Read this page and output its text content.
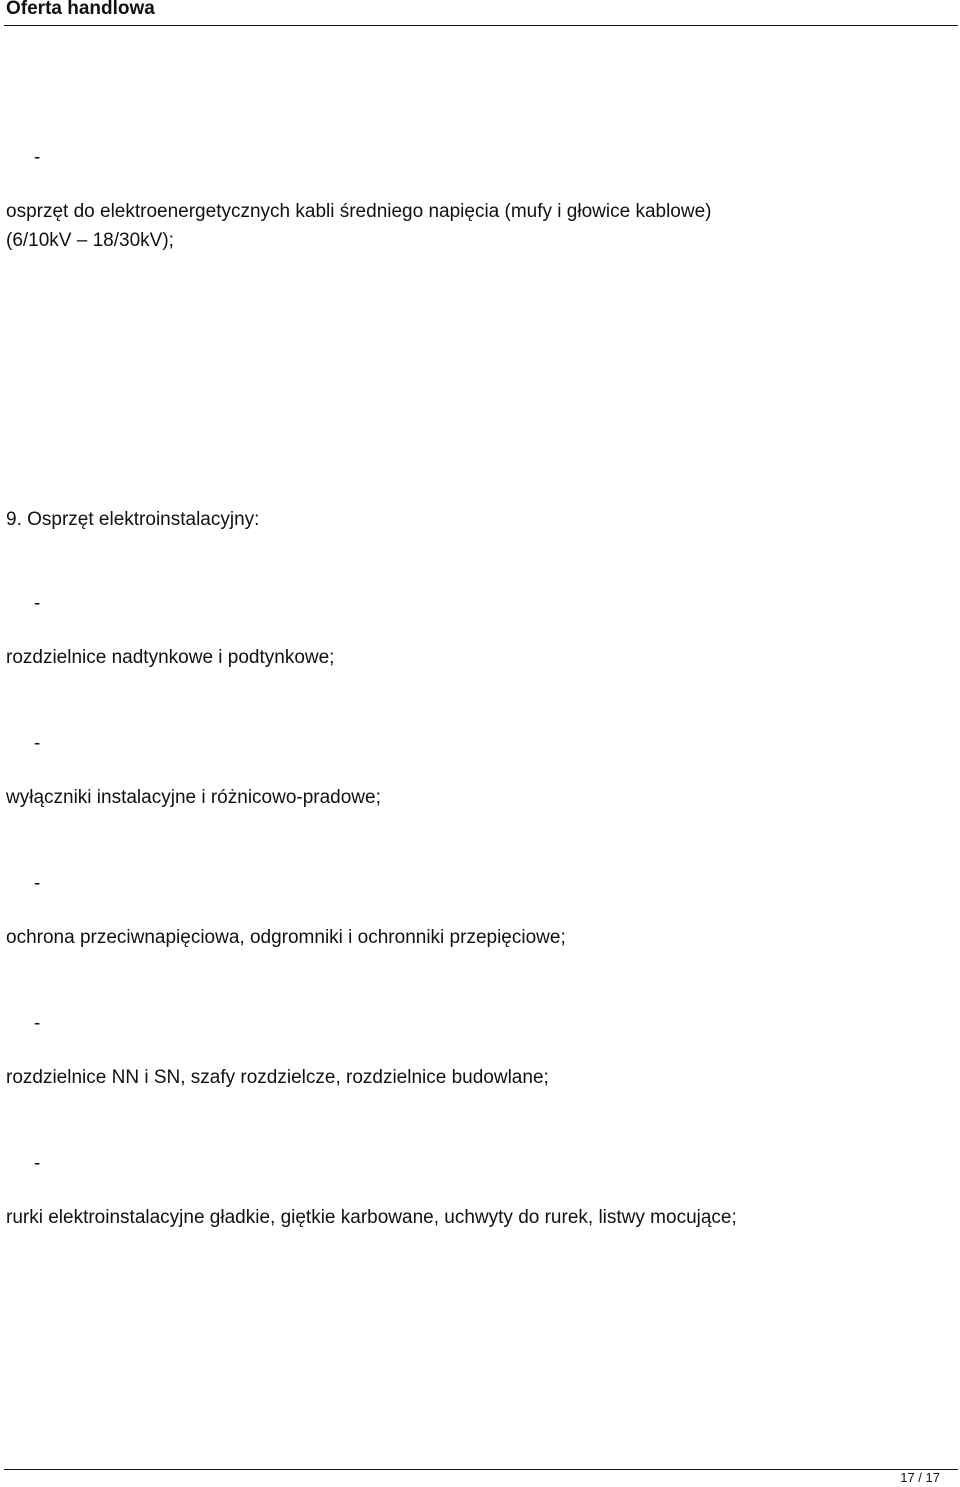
Oferta handlowa
-
osprzęt do elektroenergetycznych kabli średniego napięcia (mufy i głowice kablowe)
(6/10kV – 18/30kV);
9. Osprzęt elektroinstalacyjny:
-
rozdzielnice nadtynkowe i podtynkowe;
-
wyłączniki instalacyjne i różnicowo-pradowe;
-
ochrona przeciwnapięciowa, odgromniki i ochronniki przepięciowe;
-
rozdzielnice NN i SN, szafy rozdzielcze, rozdzielnice budowlane;
-
rurki elektroinstalacyjne gładkie, giętkie karbowane, uchwyty do rurek, listwy mocujące;
17 / 17
